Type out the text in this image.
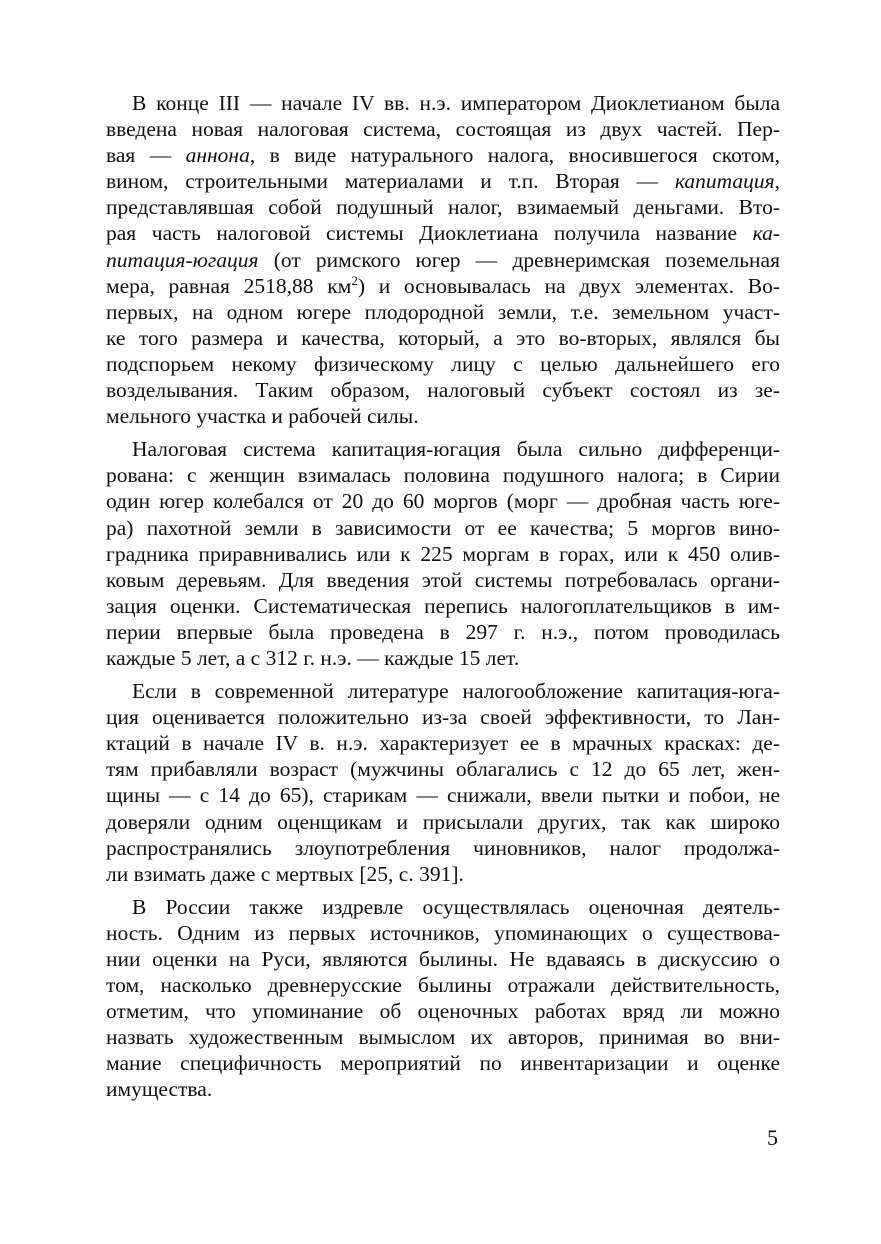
В конце III — начале IV вв. н.э. императором Диоклетианом была
введена новая налоговая система, состоящая из двух частей. Пер-
вая — аннона, в виде натурального налога, вносившегося скотом,
вином, строительными материалами и т.п. Вторая — капитация,
представлявшая собой подушный налог, взимаемый деньгами. Вто-
рая часть налоговой системы Диоклетиана получила название ка-
питация-югация (от римского югер — древнеримская поземельная
мера, равная 2518,88 $км^2$) и основывалась на двух элементах. Во-
первых, на одном югере плодородной земли, т.е. земельном участ-
ке того размера и качества, который, а это во-вторых, являлся бы
подспорьем некому физическому лицу с целью дальнейшего его
возделывания. Таким образом, налоговый субъект состоял из зе-
мельного участка и рабочей силы.
Налоговая система капитация-югация была сильно дифференци-
рована: с женщин взималась половина подушного налога; в Сирии
один югер колебался от 20 до 60 моргов (морг — дробная часть юге-
ра) пахотной земли в зависимости от ее качества; 5 моргов вино-
градника приравнивались или к 225 моргам в горах, или к 450 олив-
ковым деревьям. Для введения этой системы потребовалась органи-
зация оценки. Систематическая перепись налогоплательщиков в им-
перии впервые была проведена в 297 г. н.э., потом проводилась
каждые 5 лет, а с 312 г. н.э. — каждые 15 лет.
Если в современной литературе налогообложение капитация-юга-
ция оценивается положительно из-за своей эффективности, то Лан-
ктаций в начале IV в. н.э. характеризует ее в мрачных красках: де-
тям прибавляли возраст (мужчины облагались с 12 до 65 лет, жен-
щины — с 14 до 65), старикам — снижали, ввели пытки и побои, не
доверяли одним оценщикам и присылали других, так как широко
распространялись злоупотребления чиновников, налог продолжа-
ли взимать даже с мертвых [25, с. 391].
В России также издревле осуществлялась оценочная деятель-
ность. Одним из первых источников, упоминающих о существова-
нии оценки на Руси, являются былины. Не вдаваясь в дискуссию о
том, насколько древнерусские былины отражали действительность,
отметим, что упоминание об оценочных работах вряд ли можно
назвать художественным вымыслом их авторов, принимая во вни-
мание специфичность мероприятий по инвентаризации и оценке
имущества.
5
